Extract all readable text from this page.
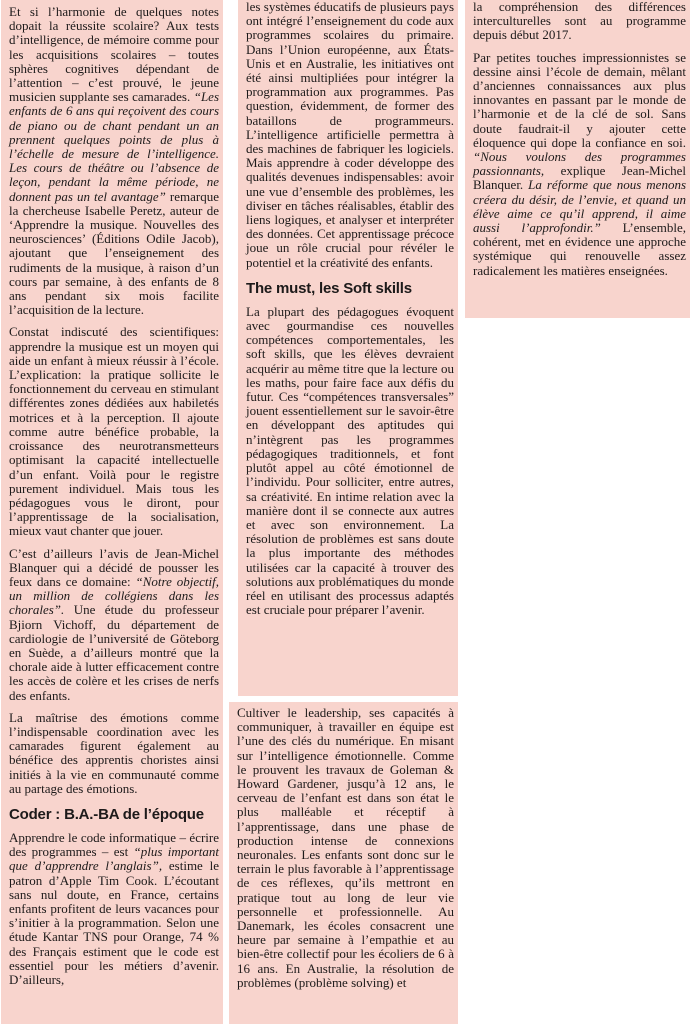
Et si l’harmonie de quelques notes dopait la réussite scolaire? Aux tests d’intelligence, de mémoire comme pour les acquisitions scolaires – toutes sphères cognitives dépendant de l’attention – c’est prouvé, le jeune musicien supplante ses camarades. “Les enfants de 6 ans qui reçoivent des cours de piano ou de chant pendant un an prennent quelques points de plus à l’échelle de mesure de l’intelligence. Les cours de théâtre ou l’absence de leçon, pendant la même période, ne donnent pas un tel avantage” remarque la chercheuse Isabelle Peretz, auteur de ‘Apprendre la musique. Nouvelles des neurosciences’ (Éditions Odile Jacob), ajoutant que l’enseignement des rudiments de la musique, à raison d’un cours par semaine, à des enfants de 8 ans pendant six mois facilite l’acquisition de la lecture.

Constat indiscuté des scientifiques: apprendre la musique est un moyen qui aide un enfant à mieux réussir à l’école. L’explication: la pratique sollicite le fonctionnement du cerveau en stimulant différentes zones dédiées aux habiletés motrices et à la perception. Il ajoute comme autre bénéfice probable, la croissance des neurotransmetteurs optimisant la capacité intellectuelle d’un enfant. Voilà pour le registre purement individuel. Mais tous les pédagogues vous le diront, pour l’apprentissage de la socialisation, mieux vaut chanter que jouer.

C’est d’ailleurs l’avis de Jean-Michel Blanquer qui a décidé de pousser les feux dans ce domaine: “Notre objectif, un million de collégiens dans les chorales”. Une étude du professeur Bjiorn Vichoff, du département de cardiologie de l’université de Göteborg en Suède, a d’ailleurs montré que la chorale aide à lutter efficacement contre les accès de colère et les crises de nerfs des enfants.

La maîtrise des émotions comme l’indispensable coordination avec les camarades figurent également au bénéfice des apprentis choristes ainsi initiés à la vie en communauté comme au partage des émotions.

Coder : B.A.-BA de l’époque

Apprendre le code informatique – écrire des programmes – est “plus important que d’apprendre l’anglais”, estime le patron d’Apple Tim Cook. L’écoutant sans nul doute, en France, certains enfants profitent de leurs vacances pour s’initier à la programmation. Selon une étude Kantar TNS pour Orange, 74 % des Français estiment que le code est essentiel pour les métiers d’avenir. D’ailleurs,

les systèmes éducatifs de plusieurs pays ont intégré l’enseignement du code aux programmes scolaires du primaire. Dans l’Union européenne, aux États-Unis et en Australie, les initiatives ont été ainsi multipliées pour intégrer la programmation aux programmes. Pas question, évidemment, de former des bataillons de programmeurs. L’intelligence artificielle permettra à des machines de fabriquer les logiciels. Mais apprendre à coder développe des qualités devenues indispensables: avoir une vue d’ensemble des problèmes, les diviser en tâches réalisables, établir des liens logiques, et analyser et interpréter des données. Cet apprentissage précoce joue un rôle crucial pour révéler le potentiel et la créativité des enfants.

The must, les Soft skills

La plupart des pédagogues évoquent avec gourmandise ces nouvelles compétences comportementales, les soft skills, que les élèves devraient acquérir au même titre que la lecture ou les maths, pour faire face aux défis du futur. Ces “compétences transversales” jouent essentiellement sur le savoir-être en développant des aptitudes qui n’intègrent pas les programmes pédagogiques traditionnels, et font plutôt appel au côté émotionnel de l’individu. Pour solliciter, entre autres, sa créativité. En intime relation avec la manière dont il se connecte aux autres et avec son environnement. La résolution de problèmes est sans doute la plus importante des méthodes utilisées car la capacité à trouver des solutions aux problématiques du monde réel en utilisant des processus adaptés est cruciale pour préparer l’avenir.

Cultiver le leadership, ses capacités à communiquer, à travailler en équipe est l’une des clés du numérique. En misant sur l’intelligence émotionnelle. Comme le prouvent les travaux de Goleman & Howard Gardener, jusqu’à 12 ans, le cerveau de l’enfant est dans son état le plus malléable et réceptif à l’apprentissage, dans une phase de production intense de connexions neuronales. Les enfants sont donc sur le terrain le plus favorable à l’apprentissage de ces réflexes, qu’ils mettront en pratique tout au long de leur vie personnelle et professionnelle. Au Danemark, les écoles consacrent une heure par semaine à l’empathie et au bien-être collectif pour les écoliers de 6 à 16 ans. En Australie, la résolution de problèmes (problème solving) et

la compréhension des différences interculturelles sont au programme depuis début 2017.

Par petites touches impressionnistes se dessine ainsi l’école de demain, mêlant d’anciennes connaissances aux plus innovantes en passant par le monde de l’harmonie et de la clé de sol. Sans doute faudrait-il y ajouter cette éloquence qui dope la confiance en soi. “Nous voulons des programmes passionnants, explique Jean-Michel Blanquer. La réforme que nous menons créera du désir, de l’envie, et quand un élève aime ce qu’il apprend, il aime aussi l’approfondir.” L’ensemble, cohérent, met en évidence une approche systémique qui renouvelle assez radicalement les matières enseignées.
